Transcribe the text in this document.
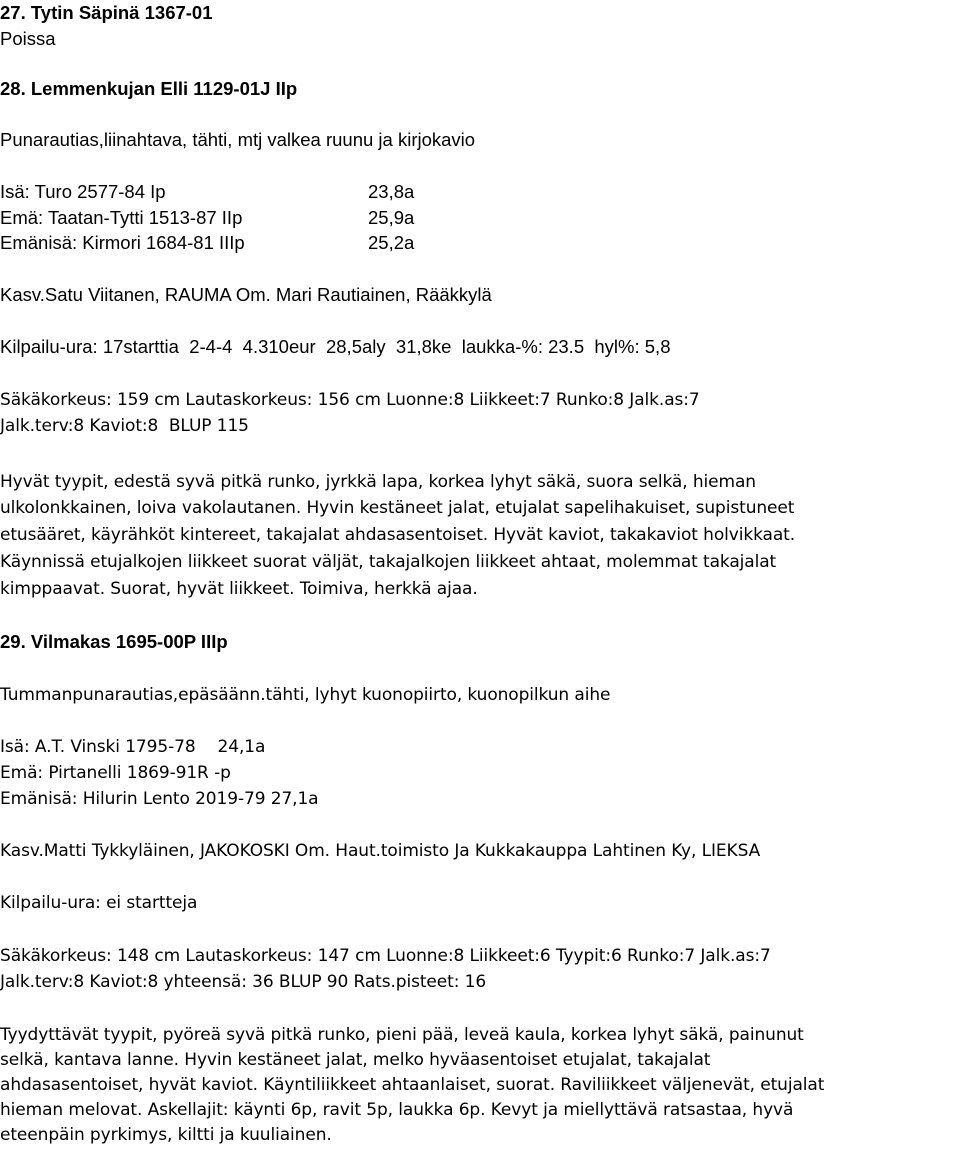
27. Tytin Säpinä 1367-01
Poissa
28. Lemmenkujan Elli 1129-01J IIp
Punarautias,liinahtava, tähti, mtj valkea ruunu ja kirjokavio
Isä: Turo 2577-84 Ip	23,8a
Emä: Taatan-Tytti 1513-87 IIp	25,9a
Emänisä: Kirmori 1684-81 IIIp	25,2a
Kasv.Satu Viitanen, RAUMA Om. Mari Rautiainen, Rääkkylä
Kilpailu-ura: 17starttia  2-4-4  4.310eur  28,5aly  31,8ke  laukka-%: 23.5  hyl%: 5,8
Säkäkorkeus: 159 cm Lautaskorkeus: 156 cm Luonne:8 Liikkeet:7 Runko:8 Jalk.as:7
Jalk.terv:8 Kaviot:8  BLUP 115
Hyvät tyypit, edestä syvä pitkä runko, jyrkkä lapa, korkea lyhyt säkä, suora selkä, hieman
ulkolonkkainen, loiva vakolautanen. Hyvin kestäneet jalat, etujalat sapelihakuiset, supistuneet
etusääret, käyrähköt kintereet, takajalat ahdasasentoiset. Hyvät kaviot, takakaviot holvikkaat.
Käynnissä etujalkojen liikkeet suorat väljät, takajalkojen liikkeet ahtaat, molemmat takajalat
kimppaavat. Suorat, hyvät liikkeet. Toimiva, herkkä ajaa.
29. Vilmakas 1695-00P IIIp
Tummanpunarautias,epäsäänn.tähti, lyhyt kuonopiirto, kuonopilkun aihe
Isä: A.T. Vinski 1795-78 24,1a
Emä: Pirtanelli 1869-91R -p
Emänisä: Hilurin Lento 2019-79 27,1a
Kasv.Matti Tykkyläinen, JAKOKOSKI Om. Haut.toimisto Ja Kukkakauppa Lahtinen Ky, LIEKSA
Kilpailu-ura: ei startteja
Säkäkorkeus: 148 cm Lautaskorkeus: 147 cm Luonne:8 Liikkeet:6 Tyypit:6 Runko:7 Jalk.as:7
Jalk.terv:8 Kaviot:8 yhteensä: 36 BLUP 90 Rats.pisteet: 16
Tyydyttävät tyypit, pyöreä syvä pitkä runko, pieni pää, leveä kaula, korkea lyhyt säkä, painunut
selkä, kantava lanne. Hyvin kestäneet jalat, melko hyväasentoiset etujalat, takajalat
ahdasasentoiset, hyvät kaviot. Käyntiliikkeet ahtaanlaiset, suorat. Raviliikkeet väljenevät, etujalat
hieman melovat. Askellajit: käynti 6p, ravit 5p, laukka 6p. Kevyt ja miellyttävä ratsastaa, hyvä
eteenpäin pyrkimys, kiltti ja kuuliainen.
